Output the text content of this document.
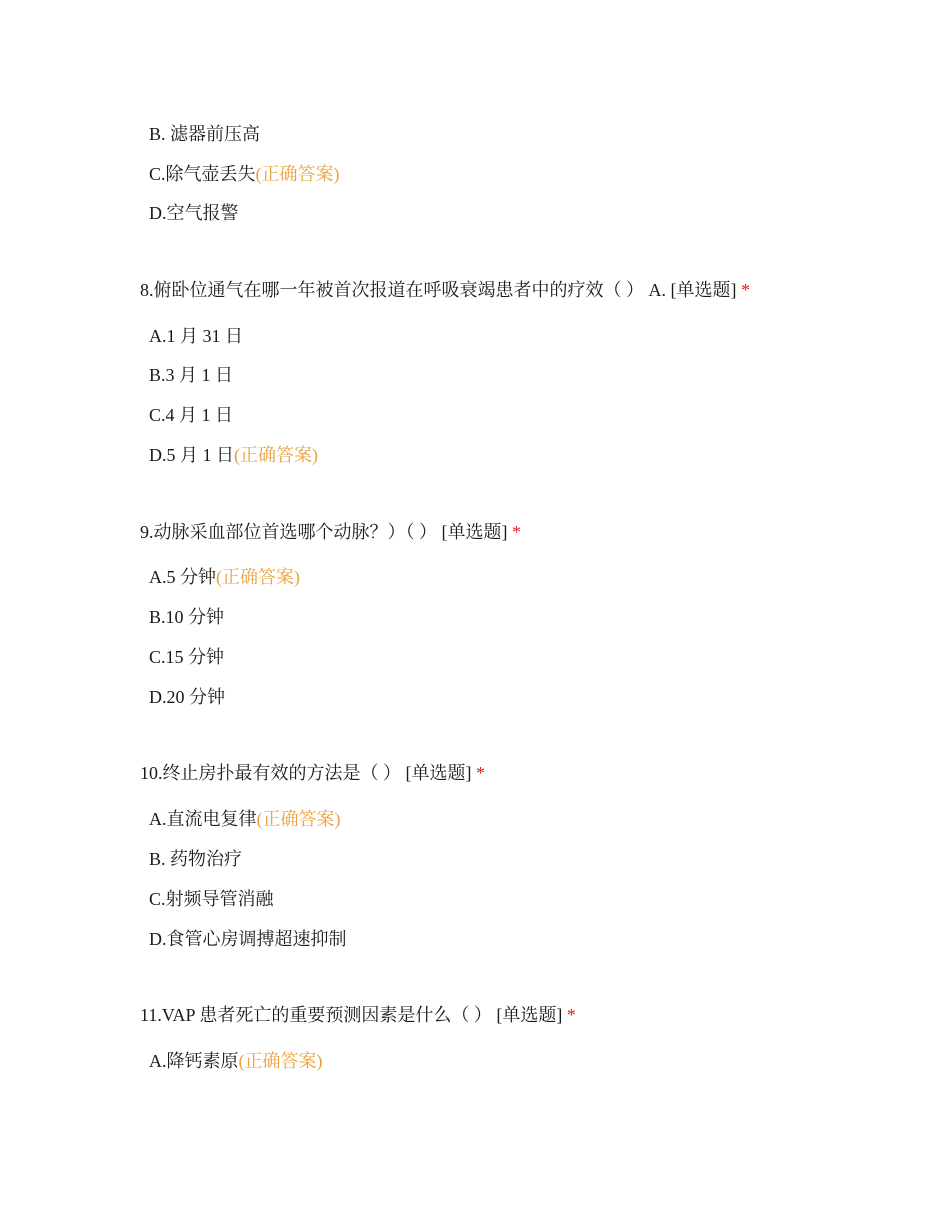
B. 滤器前压高
C.除气壶丢失(正确答案)
D.空气报警
8.俯卧位通气在哪一年被首次报道在呼吸衰竭患者中的疗效（ ） A. [单选题] *
A.1 月 31 日
B.3 月 1 日
C.4 月 1 日
D.5 月 1 日(正确答案)
9.动脉采血部位首选哪个动脉？）（ ） [单选题] *
A.5 分钟(正确答案)
B.10 分钟
C.15 分钟
D.20 分钟
10.终止房扑最有效的方法是（ ） [单选题] *
A.直流电复律(正确答案)
B. 药物治疗
C.射频导管消融
D.食管心房调搏超速抑制
11.VAP 患者死亡的重要预测因素是什么（ ） [单选题] *
A.降钙素原(正确答案)
